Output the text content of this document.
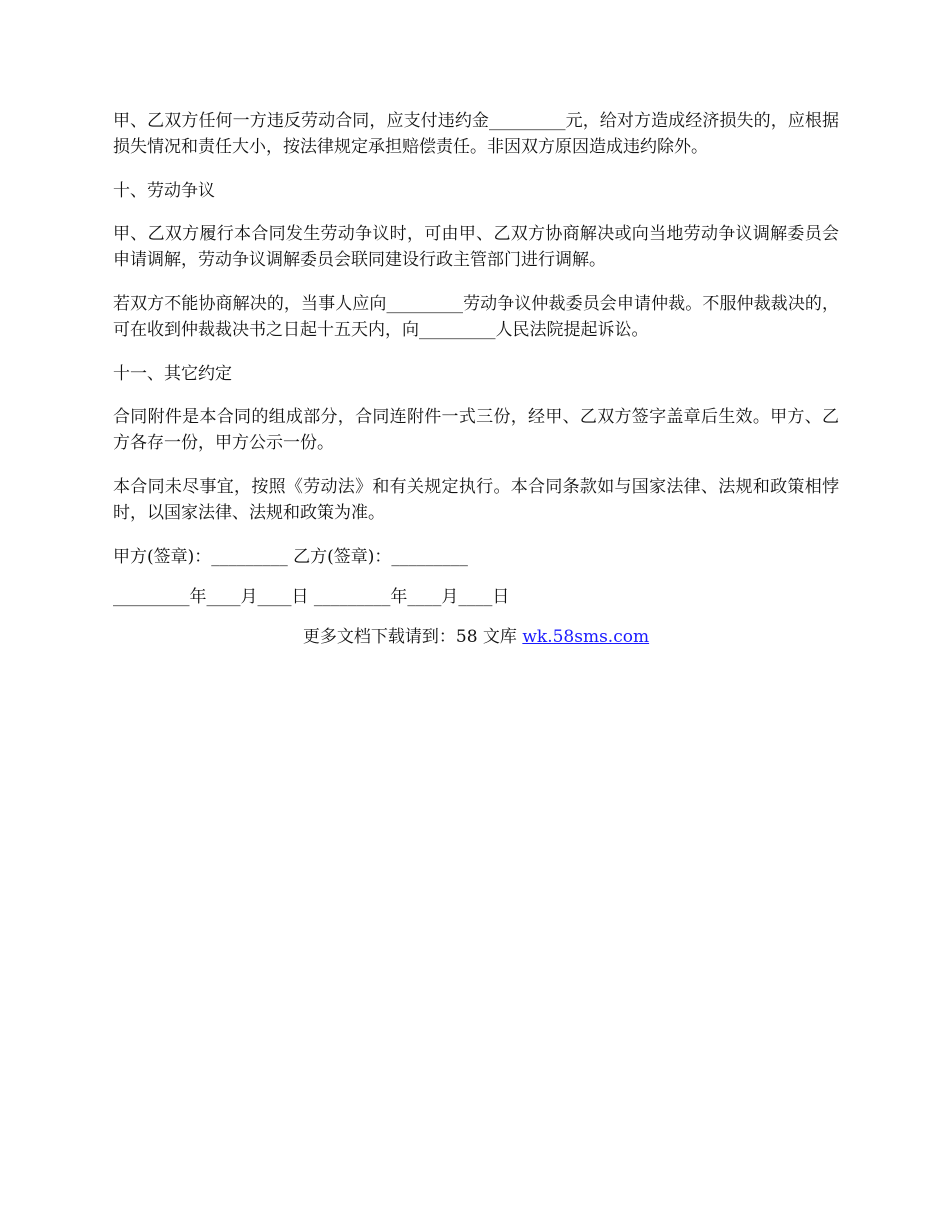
甲、乙双方任何一方违反劳动合同，应支付违约金_________元，给对方造成经济损失的，应根据损失情况和责任大小，按法律规定承担赔偿责任。非因双方原因造成违约除外。

十、劳动争议

甲、乙双方履行本合同发生劳动争议时，可由甲、乙双方协商解决或向当地劳动争议调解委员会申请调解，劳动争议调解委员会联同建设行政主管部门进行调解。

若双方不能协商解决的，当事人应向_________劳动争议仲裁委员会申请仲裁。不服仲裁裁决的，可在收到仲裁裁决书之日起十五天内，向_________人民法院提起诉讼。

十一、其它约定

合同附件是本合同的组成部分，合同连附件一式三份，经甲、乙双方签字盖章后生效。甲方、乙方各存一份，甲方公示一份。

本合同未尽事宜，按照《劳动法》和有关规定执行。本合同条款如与国家法律、法规和政策相悖时，以国家法律、法规和政策为准。

甲方(签章)：_________ 乙方(签章)：_________

_________年____月____日 _________年____月____日

更多文档下载请到：58 文库 wk.58sms.com
